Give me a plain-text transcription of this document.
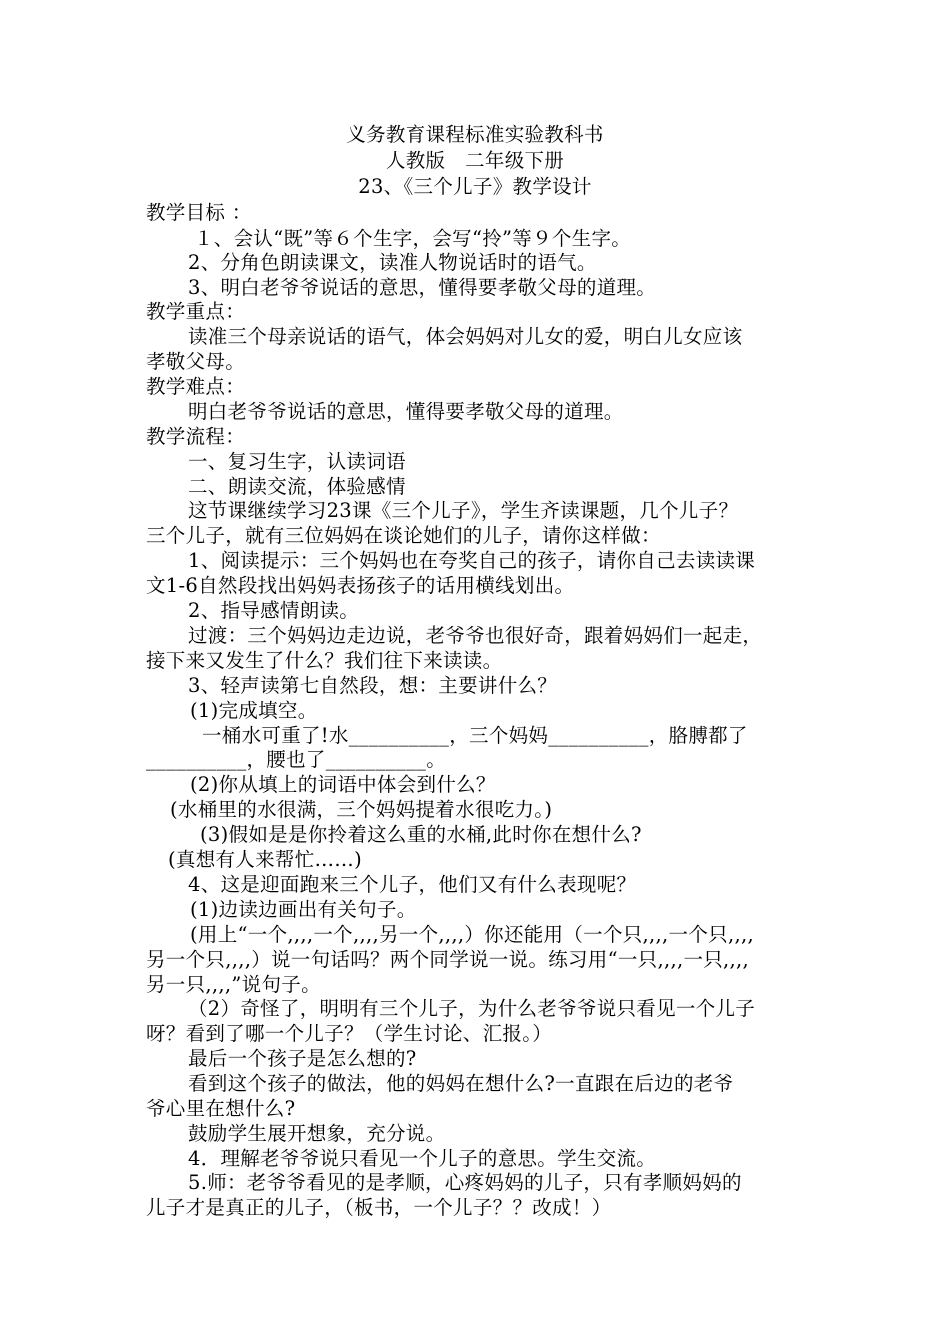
义务教育课程标准实验教科书
人教版　二年级下册
23、《三个儿子》教学设计
教学目标 ：
１、会认“既”等６个生字，会写“拎”等９个生字。
2、分角色朗读课文，读准人物说话时的语气。
3、明白老爷爷说话的意思，懂得要孝敬父母的道理。
教学重点：
读准三个母亲说话的语气，体会妈妈对儿女的爱，明白儿女应该
孝敬父母。
教学难点：
明白老爷爷说话的意思，懂得要孝敬父母的道理。
教学流程：
一、复习生字，认读词语
二、朗读交流，体验感情
这节课继续学习23课《三个儿子》，学生齐读课题，几个儿子？
三个儿子，就有三位妈妈在谈论她们的儿子，请你这样做：
1、阅读提示：三个妈妈也在夸奖自己的孩子，请你自己去读读课
文1-6自然段找出妈妈表扬孩子的话用横线划出。
2、指导感情朗读。
过渡：三个妈妈边走边说，老爷爷也很好奇，跟着妈妈们一起走，
接下来又发生了什么？我们往下来读读。
3、轻声读第七自然段，想：主要讲什么？
(1)完成填空。
一桶水可重了!水__________，三个妈妈__________，胳膊都了
__________，腰也了__________。
(2)你从填上的词语中体会到什么？
(水桶里的水很满，三个妈妈提着水很吃力。)
(3)假如是是你拎着这么重的水桶,此时你在想什么?
(真想有人来帮忙……)
4、这是迎面跑来三个儿子，他们又有什么表现呢？
(1)边读边画出有关句子。
(用上“一个,,,,一个,,,,另一个,,,,）你还能用（一个只,,,,一个只,,,,
另一个只,,,,）说一句话吗？两个同学说一说。练习用“一只,,,,一只,,,,
另一只,,,,”说句子。
（2）奇怪了，明明有三个儿子，为什么老爷爷说只看见一个儿子
呀？看到了哪一个儿子？（学生讨论、汇报。）
最后一个孩子是怎么想的?
看到这个孩子的做法，他的妈妈在想什么?一直跟在后边的老爷
爷心里在想什么?
鼓励学生展开想象，充分说。
4．理解老爷爷说只看见一个儿子的意思。学生交流。
5.师：老爷爷看见的是孝顺，心疼妈妈的儿子，只有孝顺妈妈的
儿子才是真正的儿子，（板书，一个儿子？？改成！）
